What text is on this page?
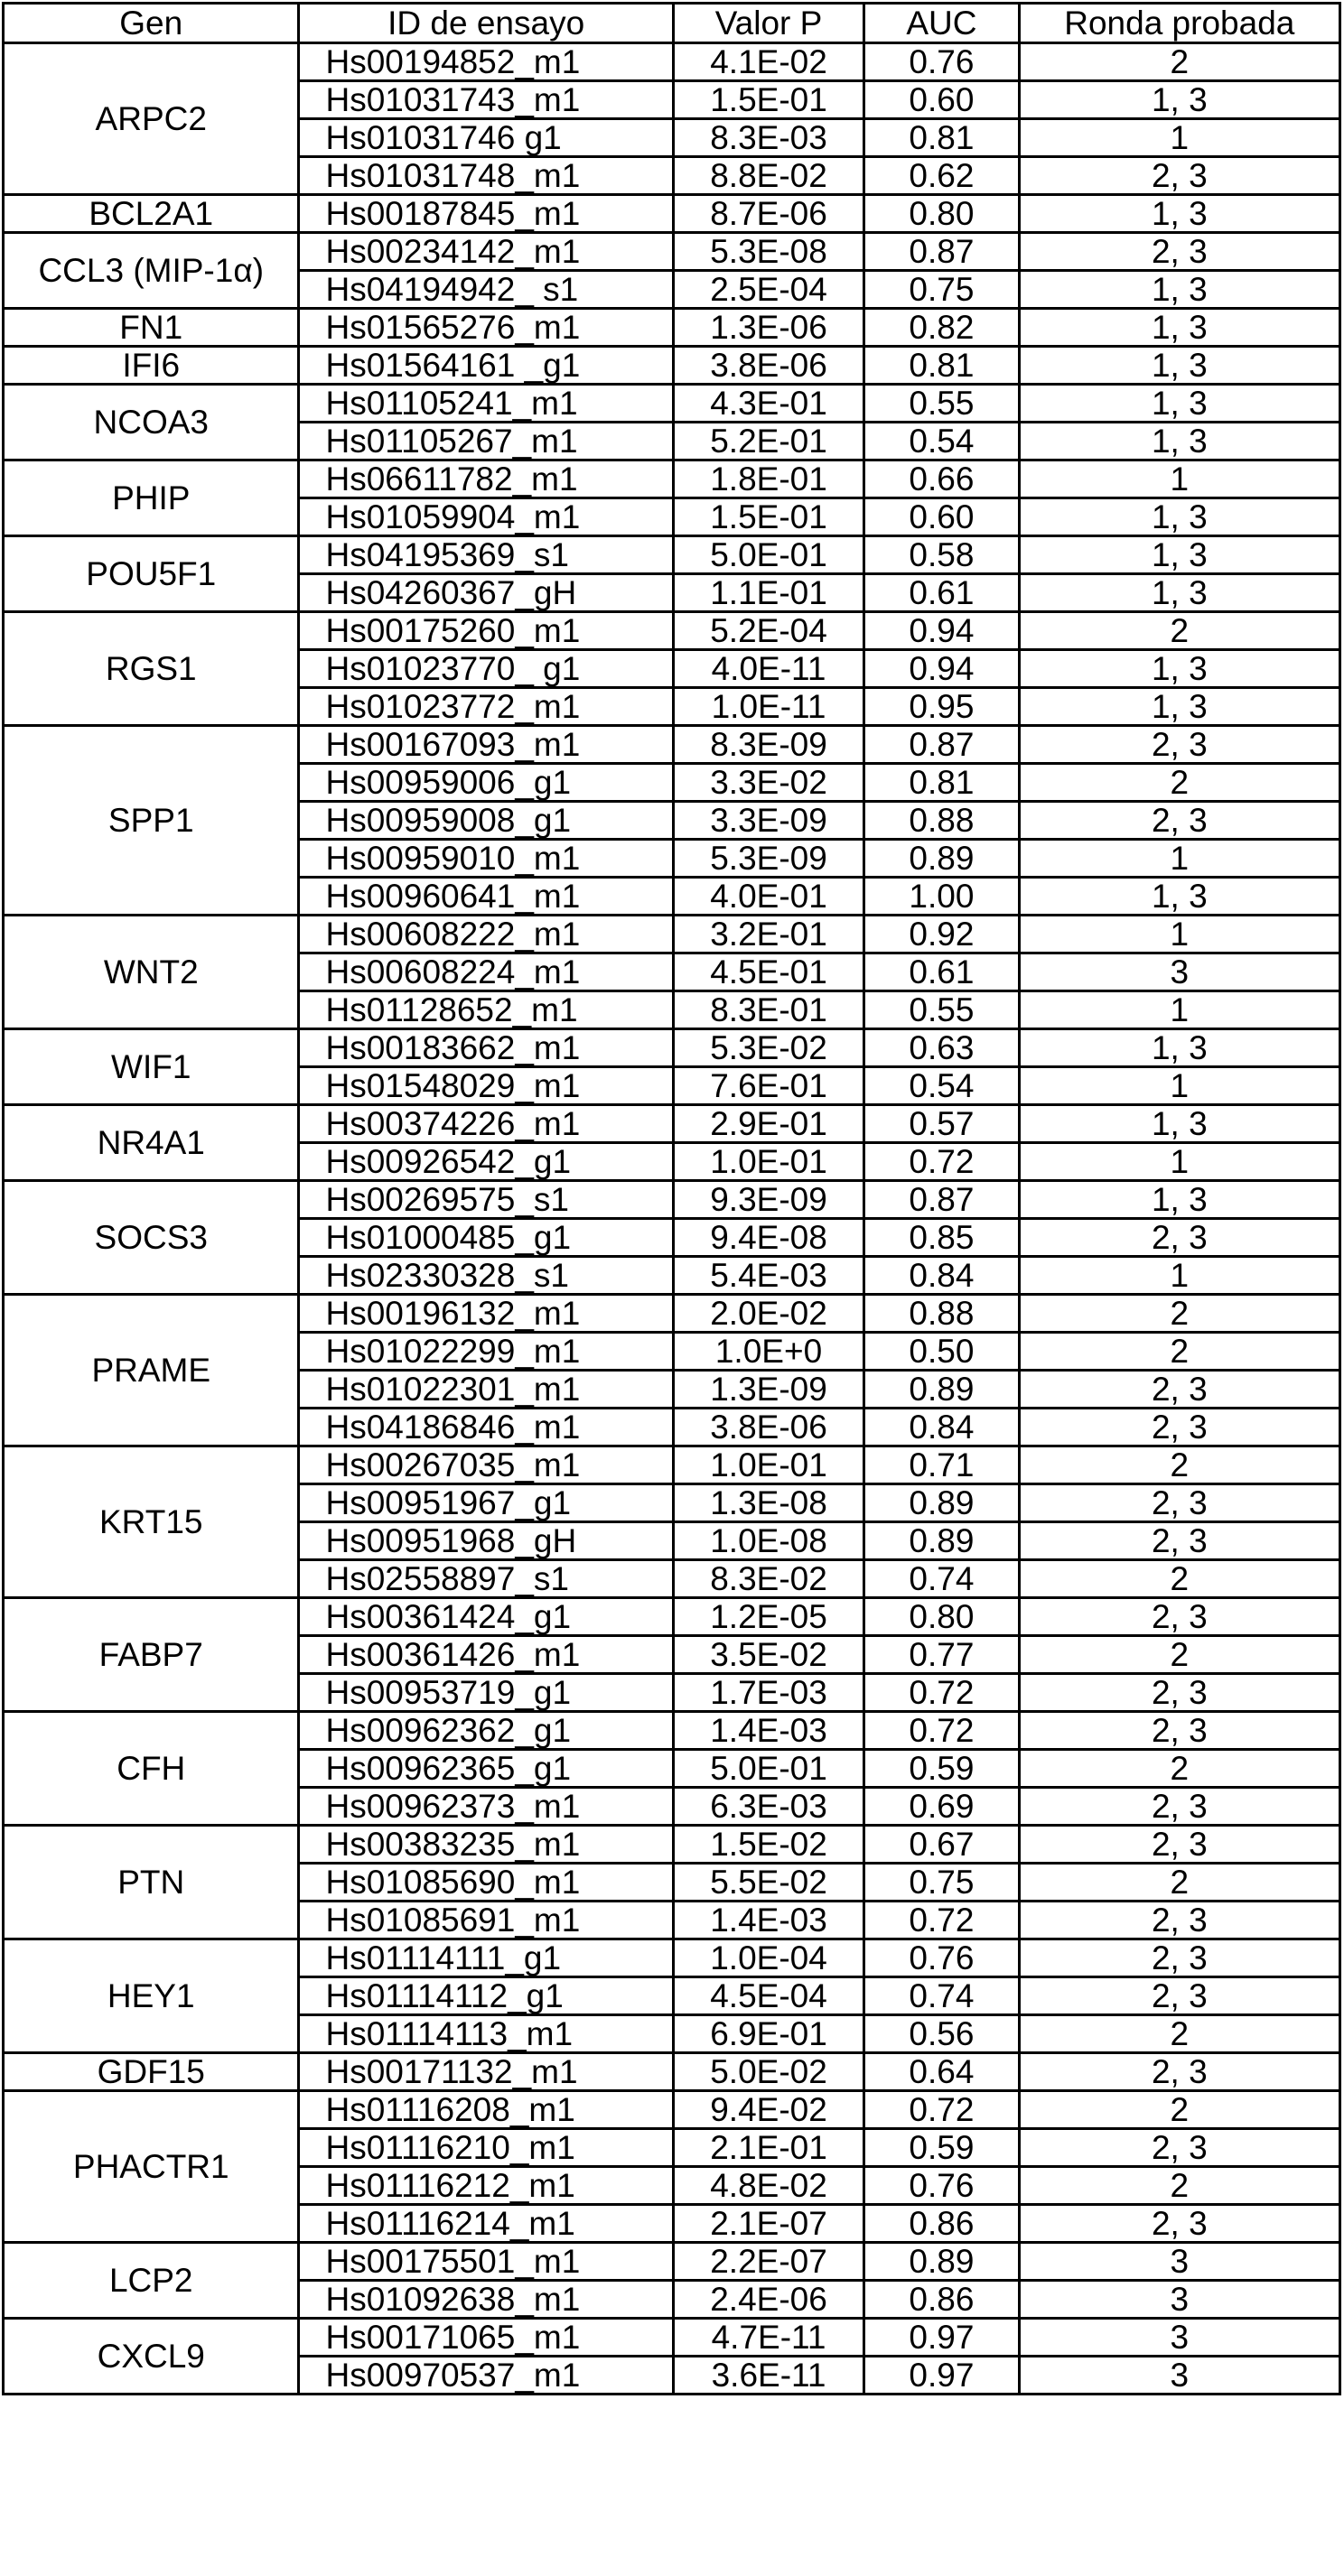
Gen	ID de ensayo	Valor P	AUC	Ronda probada
ARPC2	Hs00194852_m1	4.1E-02	0.76	2
Hs01031743_m1	1.5E-01	0.60	1, 3
Hs01031746 g1	8.3E-03	0.81	1
Hs01031748_m1	8.8E-02	0.62	2, 3
BCL2A1	Hs00187845_m1	8.7E-06	0.80	1, 3
CCL3 (MIP-1α)	Hs00234142_m1	5.3E-08	0.87	2, 3
Hs04194942_ s1	2.5E-04	0.75	1, 3
FN1	Hs01565276_m1	1.3E-06	0.82	1, 3
IFI6	Hs01564161 _g1	3.8E-06	0.81	1, 3
NCOA3	Hs01105241_m1	4.3E-01	0.55	1, 3
Hs01105267_m1	5.2E-01	0.54	1, 3
PHIP	Hs06611782_m1	1.8E-01	0.66	1
Hs01059904_m1	1.5E-01	0.60	1, 3
POU5F1	Hs04195369_s1	5.0E-01	0.58	1, 3
Hs04260367_gH	1.1E-01	0.61	1, 3
RGS1	Hs00175260_m1	5.2E-04	0.94	2
Hs01023770_ g1	4.0E-11	0.94	1, 3
Hs01023772_m1	1.0E-11	0.95	1, 3
SPP1	Hs00167093_m1	8.3E-09	0.87	2, 3
Hs00959006_g1	3.3E-02	0.81	2
Hs00959008_g1	3.3E-09	0.88	2, 3
Hs00959010_m1	5.3E-09	0.89	1
Hs00960641_m1	4.0E-01	1.00	1, 3
WNT2	Hs00608222_m1	3.2E-01	0.92	1
Hs00608224_m1	4.5E-01	0.61	3
Hs01128652_m1	8.3E-01	0.55	1
WIF1	Hs00183662_m1	5.3E-02	0.63	1, 3
Hs01548029_m1	7.6E-01	0.54	1
NR4A1	Hs00374226_m1	2.9E-01	0.57	1, 3
Hs00926542_g1	1.0E-01	0.72	1
SOCS3	Hs00269575_s1	9.3E-09	0.87	1, 3
Hs01000485_g1	9.4E-08	0.85	2, 3
Hs02330328_s1	5.4E-03	0.84	1
PRAME	Hs00196132_m1	2.0E-02	0.88	2
Hs01022299_m1	1.0E+0	0.50	2
Hs01022301_m1	1.3E-09	0.89	2, 3
Hs04186846_m1	3.8E-06	0.84	2, 3
KRT15	Hs00267035_m1	1.0E-01	0.71	2
Hs00951967_g1	1.3E-08	0.89	2, 3
Hs00951968_gH	1.0E-08	0.89	2, 3
Hs02558897_s1	8.3E-02	0.74	2
FABP7	Hs00361424_g1	1.2E-05	0.80	2, 3
Hs00361426_m1	3.5E-02	0.77	2
Hs00953719_g1	1.7E-03	0.72	2, 3
CFH	Hs00962362_g1	1.4E-03	0.72	2, 3
Hs00962365_g1	5.0E-01	0.59	2
Hs00962373_m1	6.3E-03	0.69	2, 3
PTN	Hs00383235_m1	1.5E-02	0.67	2, 3
Hs01085690_m1	5.5E-02	0.75	2
Hs01085691_m1	1.4E-03	0.72	2, 3
HEY1	Hs01114111_g1	1.0E-04	0.76	2, 3
Hs01114112_g1	4.5E-04	0.74	2, 3
Hs01114113_m1	6.9E-01	0.56	2
GDF15	Hs00171132_m1	5.0E-02	0.64	2, 3
PHACTR1	Hs01116208_m1	9.4E-02	0.72	2
Hs01116210_m1	2.1E-01	0.59	2, 3
Hs01116212_m1	4.8E-02	0.76	2
Hs01116214_m1	2.1E-07	0.86	2, 3
LCP2	Hs00175501_m1	2.2E-07	0.89	3
Hs01092638_m1	2.4E-06	0.86	3
CXCL9	Hs00171065_m1	4.7E-11	0.97	3
Hs00970537_m1	3.6E-11	0.97	3
